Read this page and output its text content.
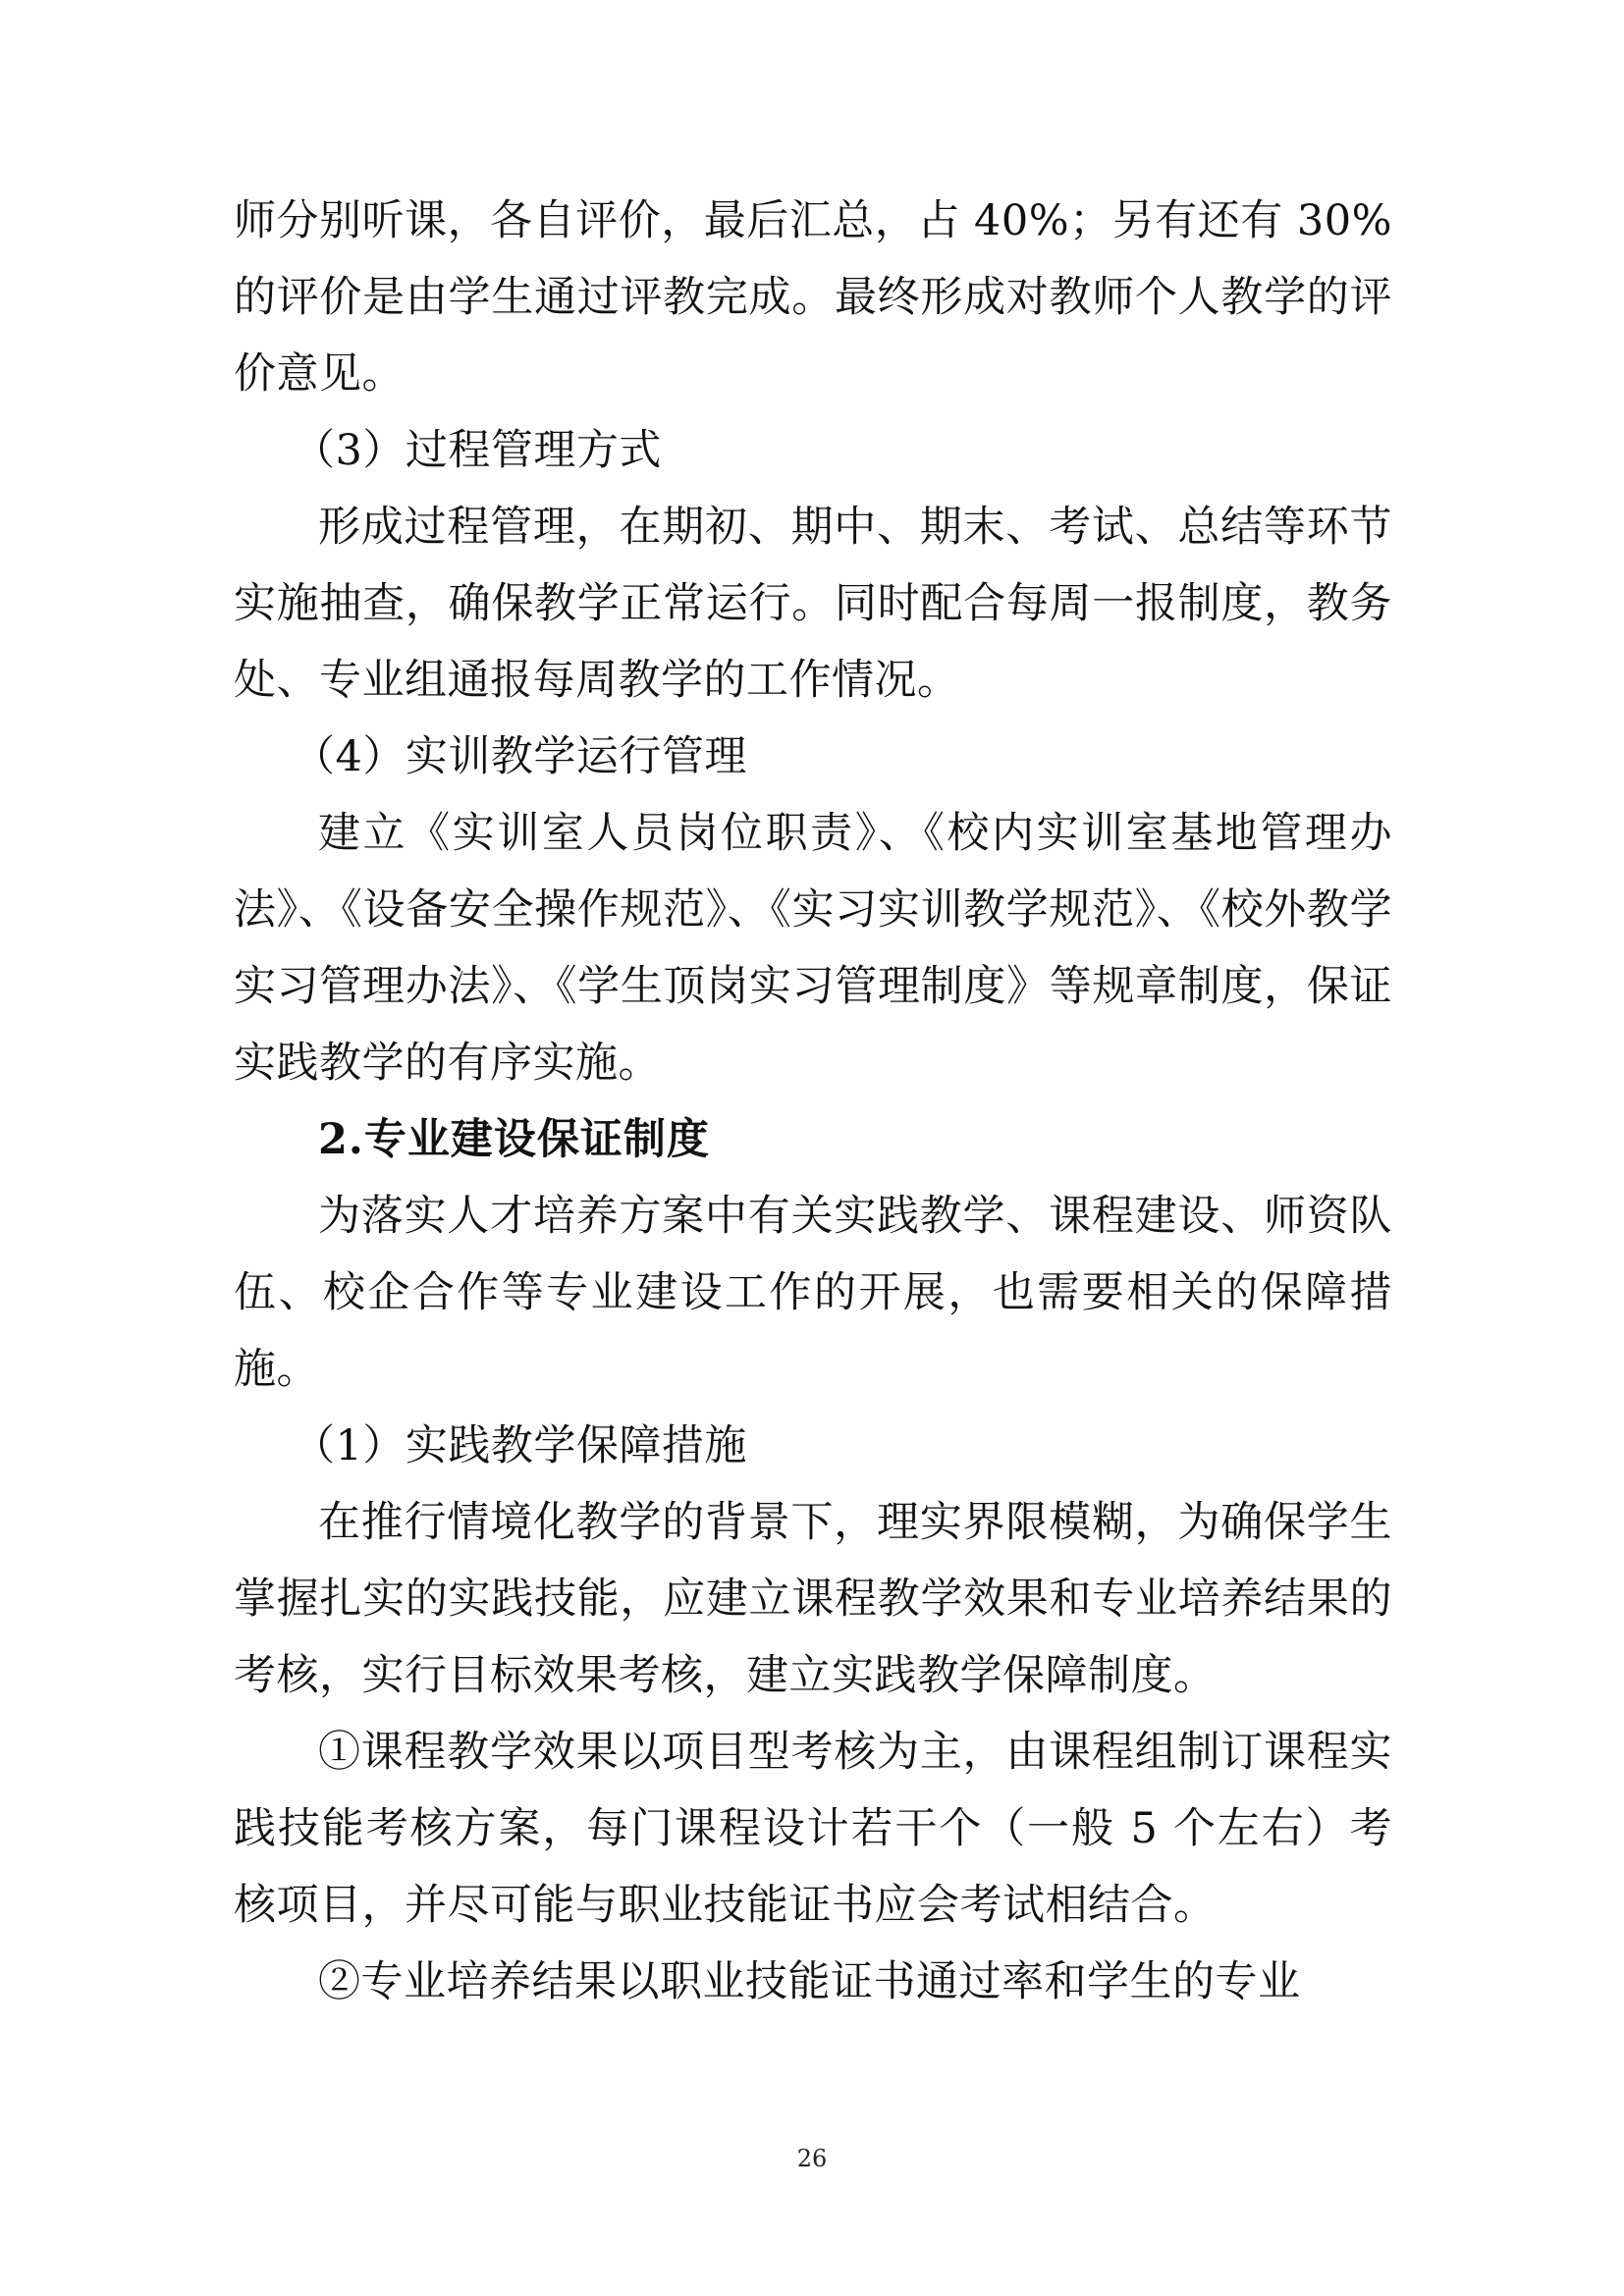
师分别听课，各自评价，最后汇总，占 40%；另有还有 30%的评价是由学生通过评教完成。最终形成对教师个人教学的评价意见。

（3）过程管理方式

形成过程管理，在期初、期中、期末、考试、总结等环节实施抽查，确保教学正常运行。同时配合每周一报制度，教务处、专业组通报每周教学的工作情况。

（4）实训教学运行管理

建立《实训室人员岗位职责》、《校内实训室基地管理办法》、《设备安全操作规范》、《实习实训教学规范》、《校外教学实习管理办法》、《学生顶岗实习管理制度》等规章制度，保证实践教学的有序实施。

2.专业建设保证制度

为落实人才培养方案中有关实践教学、课程建设、师资队伍、校企合作等专业建设工作的开展，也需要相关的保障措施。

（1）实践教学保障措施

在推行情境化教学的背景下，理实界限模糊，为确保学生掌握扎实的实践技能，应建立课程教学效果和专业培养结果的考核，实行目标效果考核，建立实践教学保障制度。

①课程教学效果以项目型考核为主，由课程组制订课程实践技能考核方案，每门课程设计若干个（一般 5 个左右）考核项目，并尽可能与职业技能证书应会考试相结合。

②专业培养结果以职业技能证书通过率和学生的专业

26
